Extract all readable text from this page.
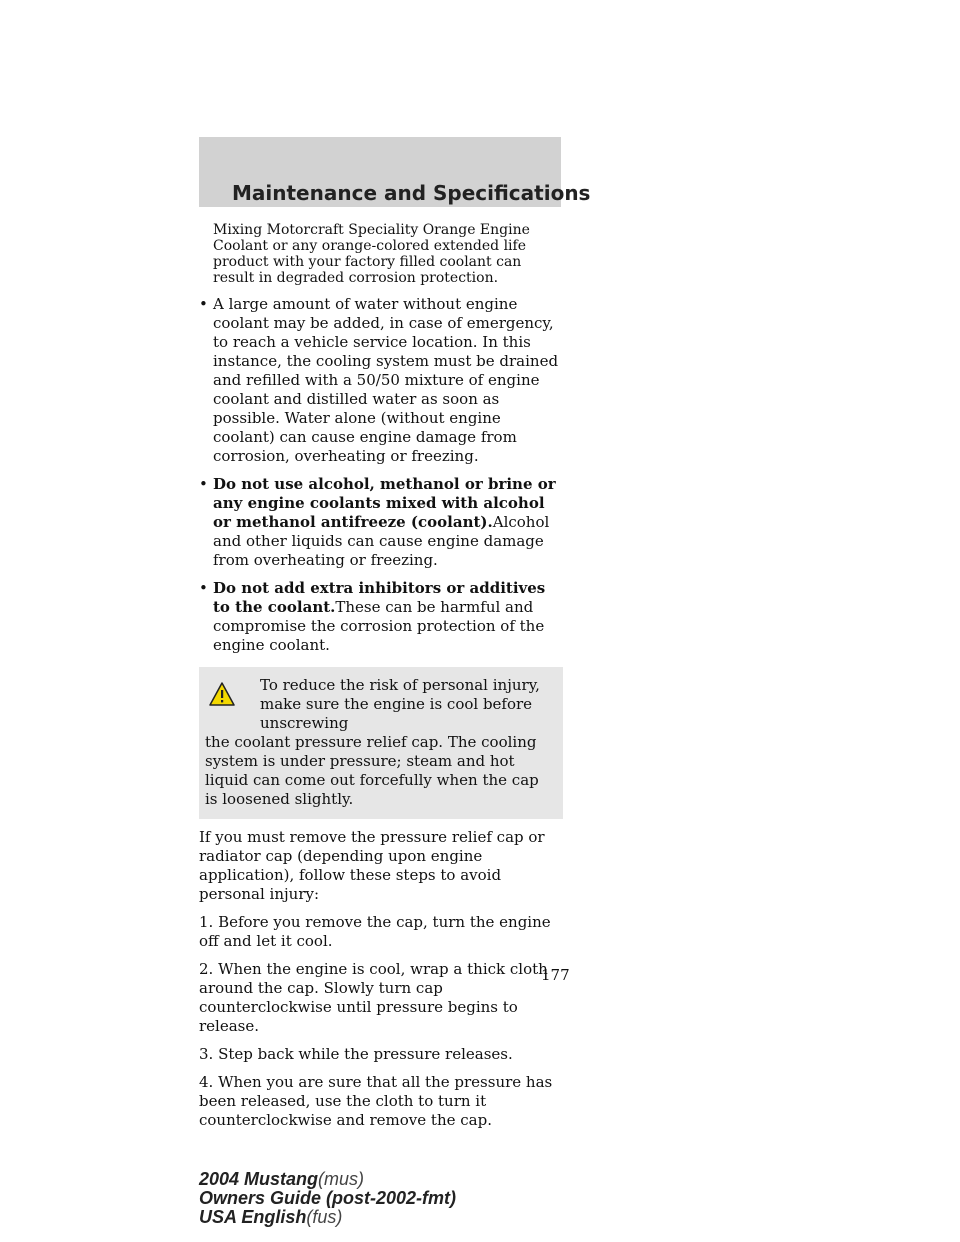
Maintenance and Specifications

Mixing Motorcraft Speciality Orange Engine Coolant or any orange-colored extended life product with your factory filled coolant can result in degraded corrosion protection.

• A large amount of water without engine coolant may be added, in case of emergency, to reach a vehicle service location. In this instance, the cooling system must be drained and refilled with a 50/50 mixture of engine coolant and distilled water as soon as possible. Water alone (without engine coolant) can cause engine damage from corrosion, overheating or freezing.
• Do not use alcohol, methanol or brine or any engine coolants mixed with alcohol or methanol antifreeze (coolant).Alcohol and other liquids can cause engine damage from overheating or freezing.
• Do not add extra inhibitors or additives to the coolant.These can be harmful and compromise the corrosion protection of the engine coolant.

To reduce the risk of personal injury, make sure the engine is cool before unscrewing

the coolant pressure relief cap. The cooling system is under pressure; steam and hot liquid can come out forcefully when the cap is loosened slightly.

If you must remove the pressure relief cap or radiator cap (depending upon engine application), follow these steps to avoid personal injury:

1. Before you remove the cap, turn the engine off and let it cool.

2. When the engine is cool, wrap a thick cloth around the cap. Slowly turn cap counterclockwise until pressure begins to release.

3. Step back while the pressure releases.

4. When you are sure that all the pressure has been released, use the cloth to turn it counterclockwise and remove the cap.

177
2004 Mustang(mus)
Owners Guide (post-2002-fmt)
USA English(fus)
